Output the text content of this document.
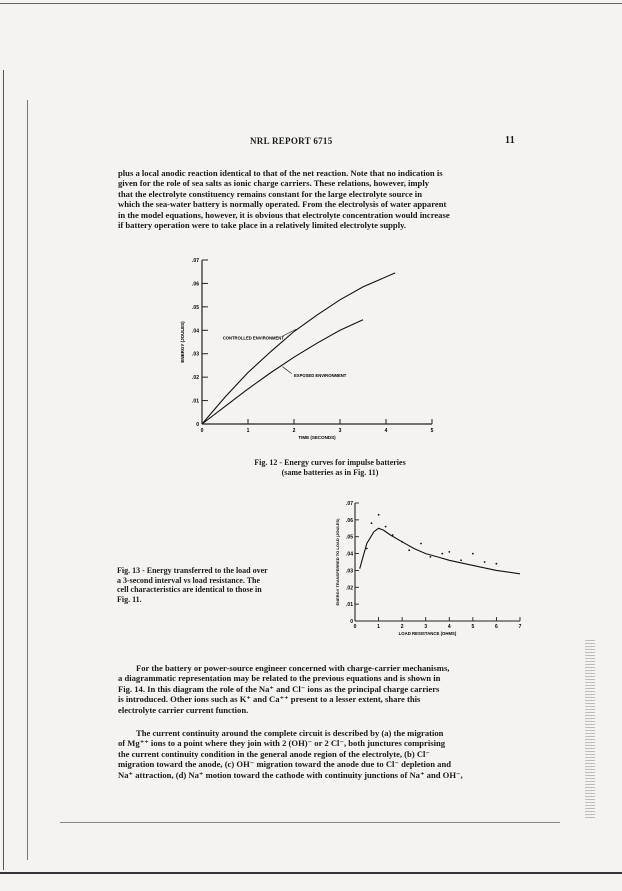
NRL REPORT 6715	11
plus a local anodic reaction identical to that of the net reaction. Note that no indication is
given for the role of sea salts as ionic charge carriers. These relations, however, imply
that the electrolyte constituency remains constant for the large electrolyte source in
which the sea-water battery is normally operated. From the electrolysis of water apparent
in the model equations, however, it is obvious that electrolyte concentration would increase
if battery operation were to take place in a relatively limited electrolyte supply.
0
.01
.02
.03
.04
.05
.06
.07
0	1	2	3	4	5
TIME (SECONDS)
ENERGY (JOULES)	CONTROLLED ENVIRONMENT
EXPOSED ENVIRONMENT
Fig. 12 - Energy curves for impulse batteries
(same batteries as in Fig. 11)
Fig. 13 - Energy transferred to the load over
a 3-second interval vs load resistance. The
cell characteristics are identical to those in
Fig. 11.
0
.01
.02
.03
.04
.05
.06
.07
0	1	2	3	4	5	6	7
LOAD RESISTANCE (OHMS)
ENERGY TRANSFERRED TO LOAD (JOULES)
For the battery or power-source engineer concerned with charge-carrier mechanisms,
a diagrammatic representation may be related to the previous equations and is shown in
Fig. 14. In this diagram the role of the Na⁺ and Cl⁻ ions as the principal charge carriers
is introduced. Other ions such as K⁺ and Ca⁺⁺ present to a lesser extent, share this
electrolyte carrier current function.
The current continuity around the complete circuit is described by (a) the migration
of Mg⁺⁺ ions to a point where they join with 2 (OH)⁻ or 2 Cl⁻, both junctures comprising
the current continuity condition in the general anode region of the electrolyte, (b) Cl⁻
migration toward the anode, (c) OH⁻ migration toward the anode due to Cl⁻ depletion and
Na⁺ attraction, (d) Na⁺ motion toward the cathode with continuity junctions of Na⁺ and OH⁻,
